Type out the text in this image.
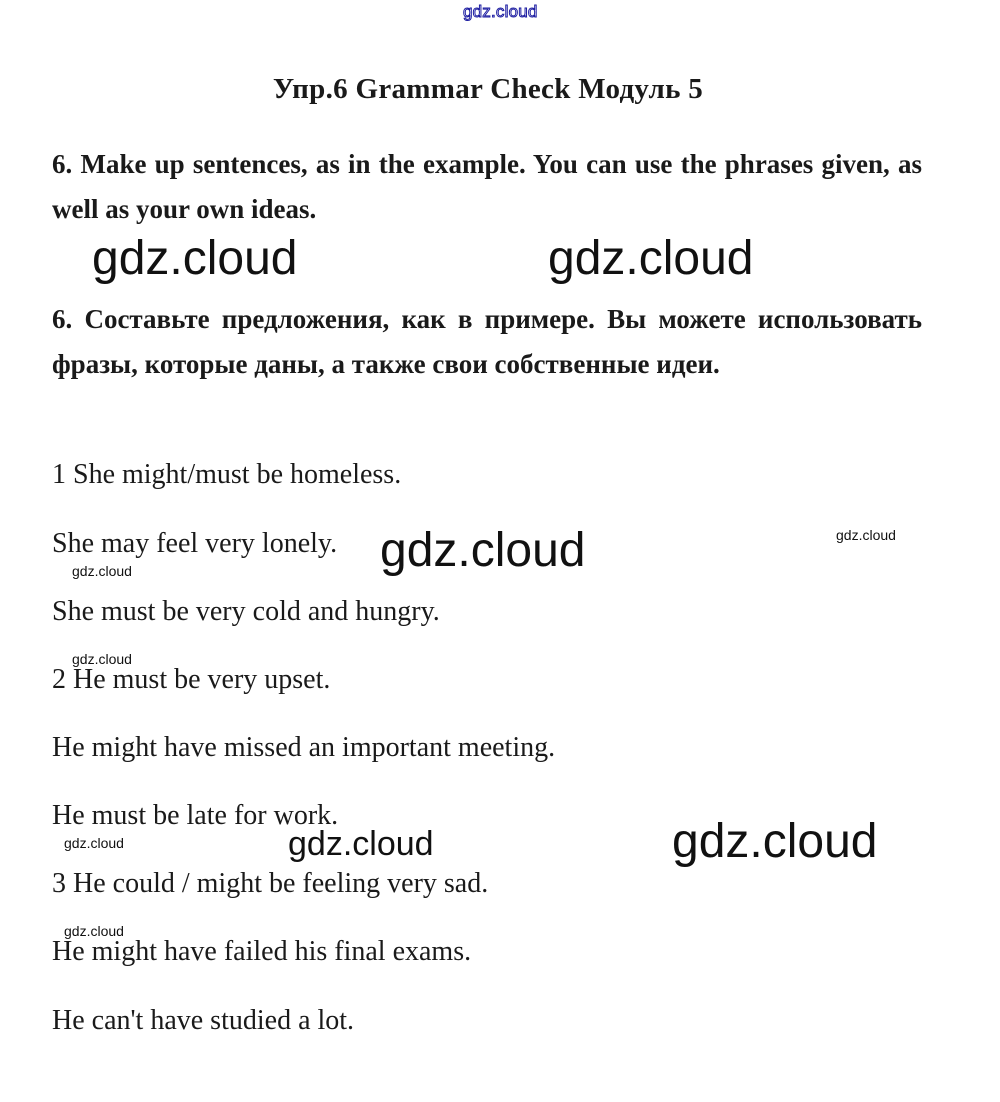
gdz.cloud
Упр.6 Grammar Check Модуль 5
6. Make up sentences, as in the example. You can use the phrases given, as well as your own ideas.
gdz.cloud	gdz.cloud
6. Составьте предложения, как в примере. Вы можете использовать фразы, которые даны, а также свои собственные идеи.
1 She might/must be homeless.
She may feel very lonely. gdz.cloud	gdz.cloud
gdz.cloud
She must be very cold and hungry.
gdz.cloud
2 He must be very upset.
He might have missed an important meeting.
He must be late for work.
gdz.cloud	gdz.cloud	gdz.cloud
3 He could / might be feeling very sad.
gdz.cloud
He might have failed his final exams.
He can't have studied a lot.
